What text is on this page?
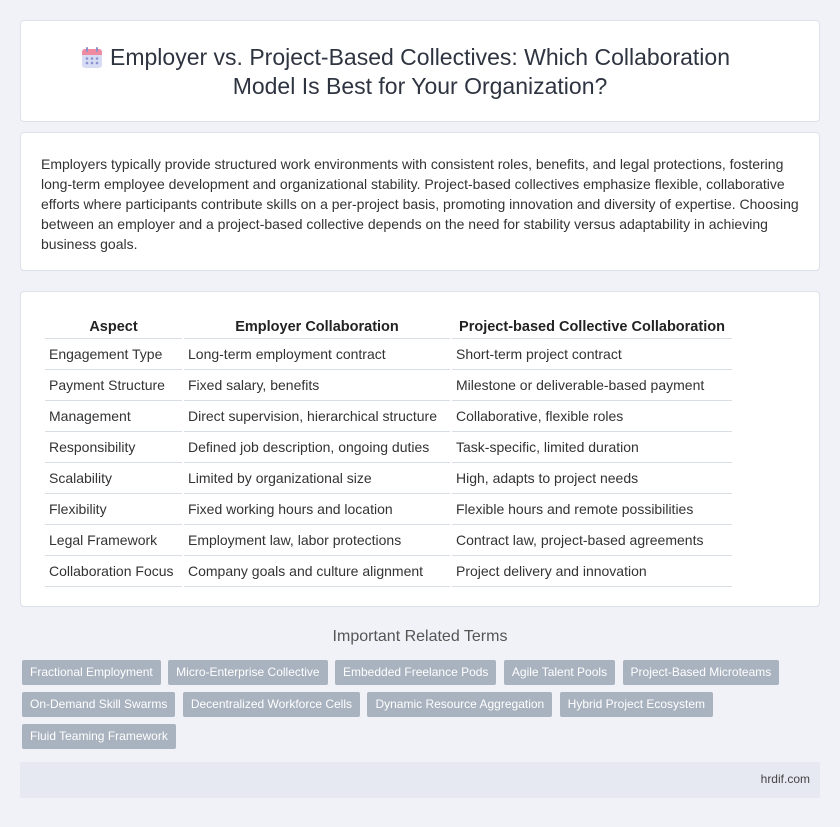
Employer vs. Project-Based Collectives: Which Collaboration
Model Is Best for Your Organization?

Employers typically provide structured work environments with consistent roles, benefits, and legal protections, fostering long-term employee development and organizational stability. Project-based collectives emphasize flexible, collaborative efforts where participants contribute skills on a per-project basis, promoting innovation and diversity of expertise. Choosing between an employer and a project-based collective depends on the need for stability versus adaptability in achieving business goals.

Aspect	Employer Collaboration	Project-based Collective Collaboration
Engagement Type	Long-term employment contract	Short-term project contract
Payment Structure	Fixed salary, benefits	Milestone or deliverable-based payment
Management	Direct supervision, hierarchical structure	Collaborative, flexible roles
Responsibility	Defined job description, ongoing duties	Task-specific, limited duration
Scalability	Limited by organizational size	High, adapts to project needs
Flexibility	Fixed working hours and location	Flexible hours and remote possibilities
Legal Framework	Employment law, labor protections	Contract law, project-based agreements
Collaboration Focus	Company goals and culture alignment	Project delivery and innovation
Important Related Terms
Fractional Employment Micro-Enterprise Collective Embedded Freelance Pods Agile Talent Pools Project-Based Microteams On-Demand Skill Swarms Decentralized Workforce Cells Dynamic Resource Aggregation Hybrid Project Ecosystem Fluid Teaming Framework
hrdif.com
